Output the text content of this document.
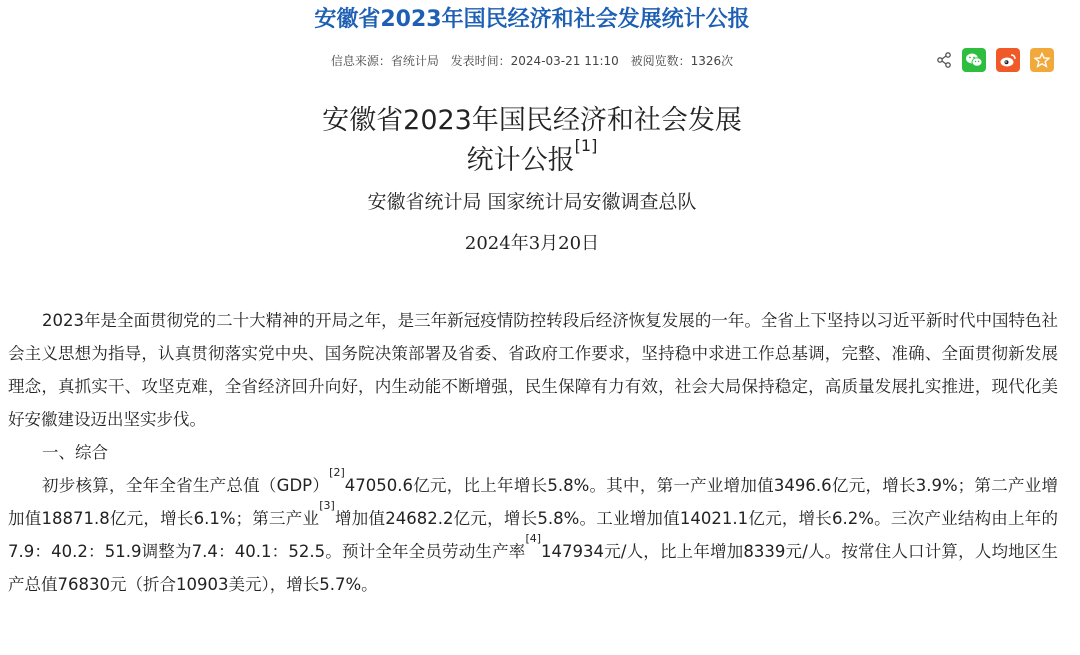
安徽省2023年国民经济和社会发展统计公报
信息来源：省统计局 发表时间：2024-03-21 11:10 被阅览数：1326次
安徽省2023年国民经济和社会发展
统计公报[1]
安徽省统计局 国家统计局安徽调查总队
2024年3月20日

2023年是全面贯彻党的二十大精神的开局之年，是三年新冠疫情防控转段后经济恢复发展的一年。全省上下坚持以习近平新时代中国特色社会主义思想为指导，认真贯彻落实党中央、国务院决策部署及省委、省政府工作要求，坚持稳中求进工作总基调，完整、准确、全面贯彻新发展理念，真抓实干、攻坚克难，全省经济回升向好，内生动能不断增强，民生保障有力有效，社会大局保持稳定，高质量发展扎实推进，现代化美好安徽建设迈出坚实步伐。

一、综合

初步核算，全年全省生产总值（GDP）[2]47050.6亿元，比上年增长5.8%。其中，第一产业增加值3496.6亿元，增长3.9%；第二产业增加值18871.8亿元，增长6.1%；第三产业[3]增加值24682.2亿元，增长5.8%。工业增加值14021.1亿元，增长6.2%。三次产业结构由上年的7.9：40.2：51.9调整为7.4：40.1：52.5。预计全年全员劳动生产率[4]147934元/人，比上年增加8339元/人。按常住人口计算，人均地区生产总值76830元（折合10903美元），增长5.7%。
